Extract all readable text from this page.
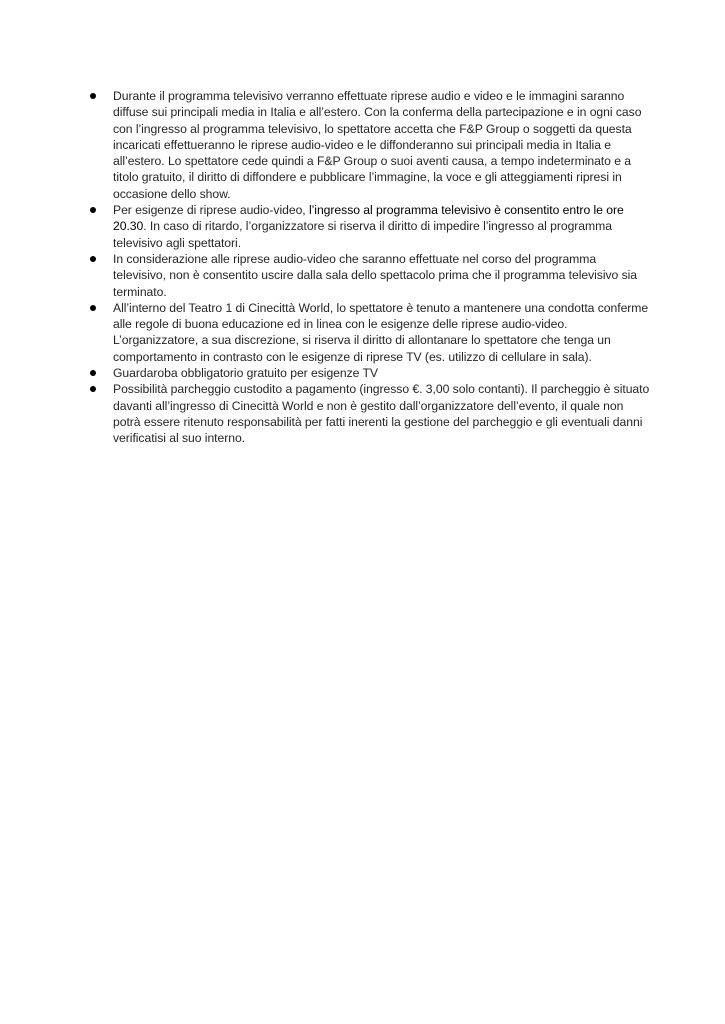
Durante il programma televisivo verranno effettuate riprese audio e video e le immagini saranno diffuse sui principali media in Italia e all’estero. Con la conferma della partecipazione e in ogni caso con l’ingresso al programma televisivo, lo spettatore accetta che F&P Group o soggetti da questa incaricati effettueranno le riprese audio-video e le diffonderanno sui principali media in Italia e all’estero. Lo spettatore cede quindi a F&P Group o suoi aventi causa, a tempo indeterminato e a titolo gratuito, il diritto di diffondere e pubblicare l’immagine, la voce e gli atteggiamenti ripresi in occasione dello show.
Per esigenze di riprese audio-video, l’ingresso al programma televisivo è consentito entro le ore 20.30. In caso di ritardo, l’organizzatore si riserva il diritto di impedire l’ingresso al programma televisivo agli spettatori.
In considerazione alle riprese audio-video che saranno effettuate nel corso del programma televisivo, non è consentito uscire dalla sala dello spettacolo prima che il programma televisivo sia terminato.
All’interno del Teatro 1 di Cinecittà World, lo spettatore è tenuto a mantenere una condotta conferme alle regole di buona educazione ed in linea con le esigenze delle riprese audio-video. L’organizzatore, a sua discrezione, si riserva il diritto di allontanare lo spettatore che tenga un comportamento in contrasto con le esigenze di riprese TV (es. utilizzo di cellulare in sala).
Guardaroba obbligatorio gratuito per esigenze TV
Possibilità parcheggio custodito a pagamento (ingresso €. 3,00 solo contanti). Il parcheggio è situato davanti all’ingresso di Cinecittà World e non è gestito dall’organizzatore dell’evento, il quale non potrà essere ritenuto responsabilità per fatti inerenti la gestione del parcheggio e gli eventuali danni verificatisi al suo interno.
